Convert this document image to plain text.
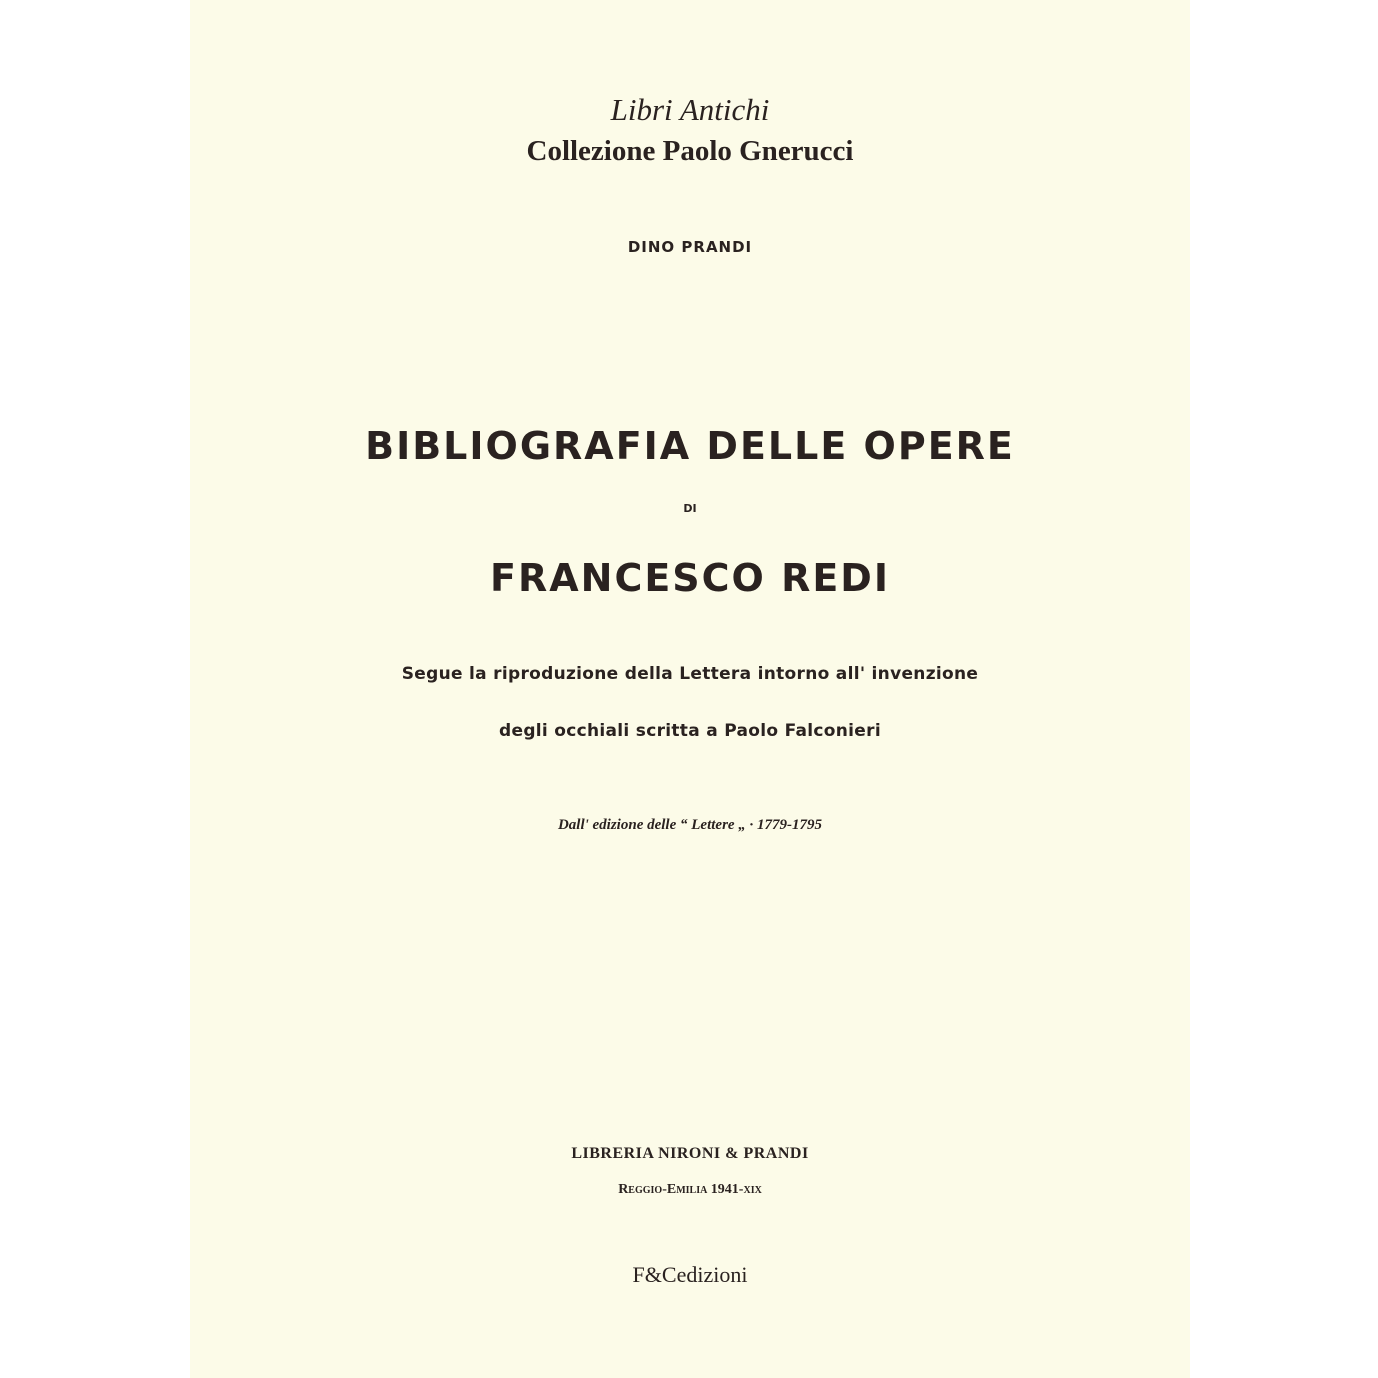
Libri Antichi
Collezione Paolo Gnerucci
DINO PRANDI
BIBLIOGRAFIA DELLE OPERE
DI
FRANCESCO REDI
Segue la riproduzione della Lettera intorno all' invenzione
degli occhiali scritta a Paolo Falconieri
Dall' edizione delle “ Lettere „ · 1779-1795
LIBRERIA NIRONI & PRANDI
Reggio-Emilia 1941-xix
F&Cedizioni
